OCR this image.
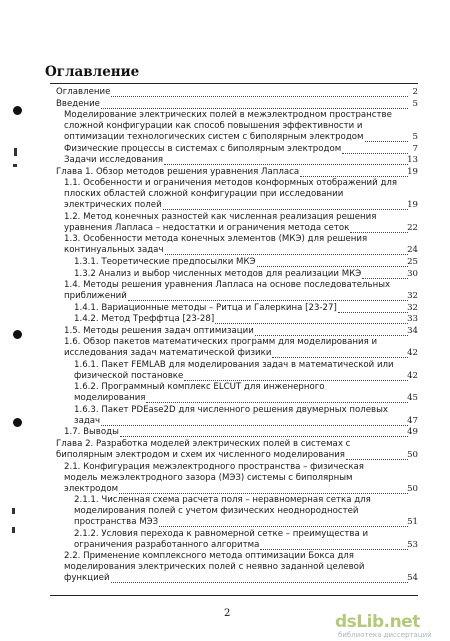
Оглавление
Оглавление	2
Введение	5
Моделирование электрических полей в межэлектродном пространстве
сложной конфигурации как способ повышения эффективности и
оптимизации технологических систем с биполярным электродом	5
Физические процессы в системах с биполярным электродом	7
Задачи исследования	13
Глава 1. Обзор методов решения уравнения Лапласа	19
1.1. Особенности и ограничения методов конформных отображений для
плоских областей сложной конфигурации при исследовании
электрических полей	19
1.2. Метод конечных разностей как численная реализация решения
уравнения Лапласа – недостатки и ограничения метода сеток	22
1.3. Особенности метода конечных элементов (МКЭ) для решения
континуальных задач	24
1.3.1. Теоретические предпосылки МКЭ	25
1.3.2 Анализ и выбор численных методов для реализации МКЭ	30
1.4. Методы решения уравнения Лапласа на основе последовательных
приближений	32
1.4.1. Вариационные методы – Ритца и Галеркина [23-27]	32
1.4.2. Метод Треффтца [23-28]	33
1.5. Методы решения задач оптимизации	34
1.6. Обзор пакетов математических программ для моделирования и
исследования задач математической физики	42
1.6.1. Пакет FEMLAB для моделирования задач в математической или
физической постановке	42
1.6.2. Программный комплекс ELCUT для инженерного
моделирования	45
1.6.3. Пакет PDEase2D для численного решения двумерных полевых
задач	47
1.7. Выводы	49
Глава 2. Разработка моделей электрических полей в системах с
биполярным электродом и схем их численного моделирования	50
2.1. Конфигурация межэлектродного пространства – физическая
модель межэлектродного зазора (МЭЗ) системы с биполярным
электродом	50
2.1.1. Численная схема расчета поля – неравномерная сетка для
моделирования полей с учетом физических неоднородностей
пространства МЭЗ	51
2.1.2. Условия перехода к равномерной сетке – преимущества и
ограничения разработанного алгоритма	53
2.2. Применение комплексного метода оптимизации Бокса для
моделирования электрических полей с неявно заданной целевой
функцией	54
2	dsLib.net
библиотека диссертаций
